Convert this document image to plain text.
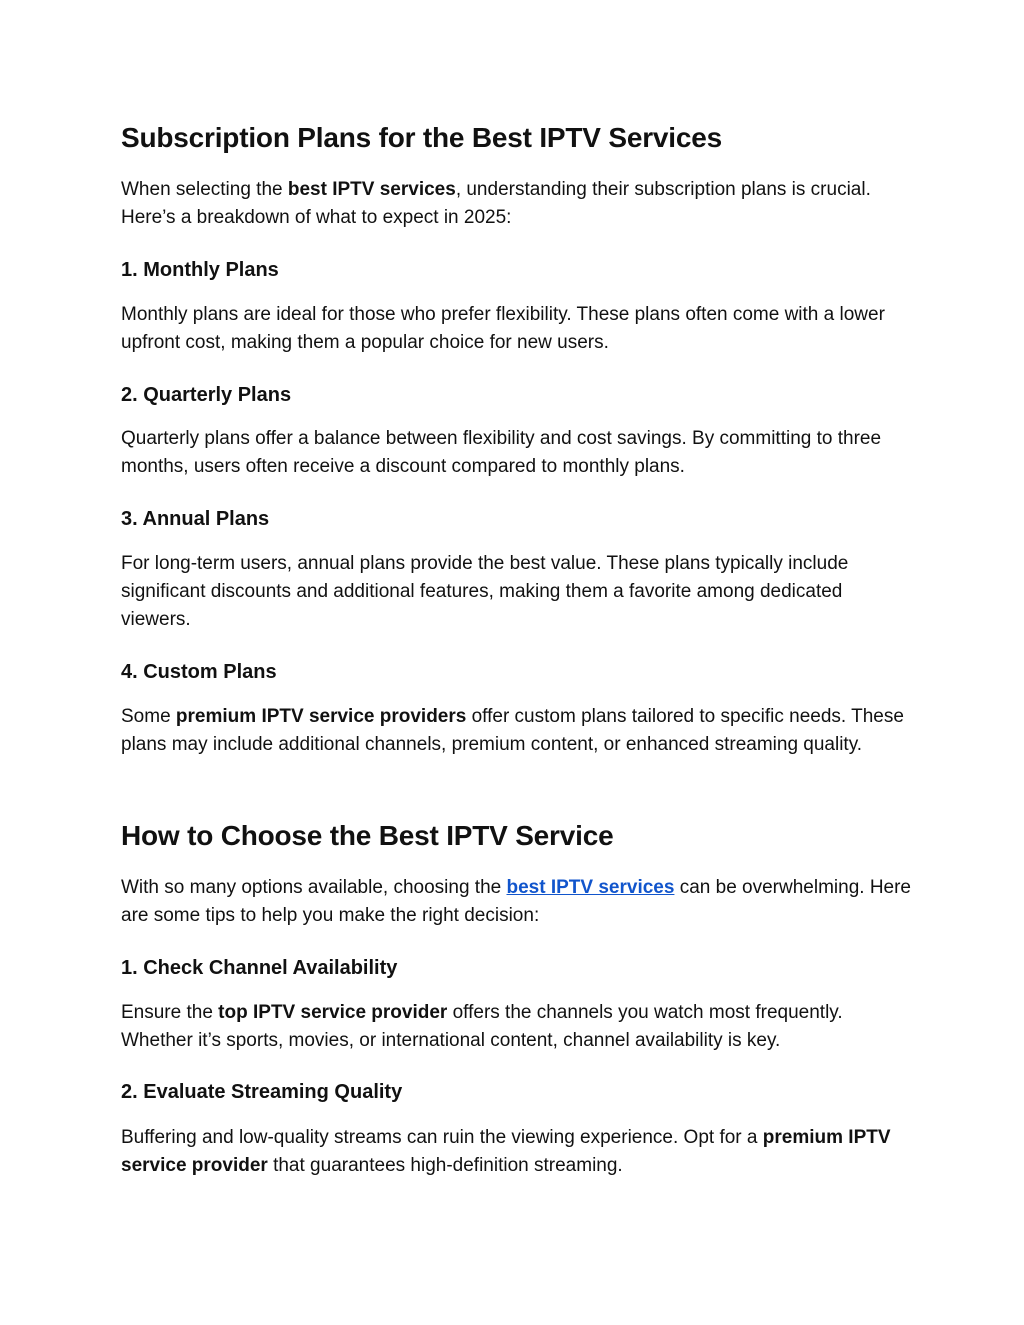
Subscription Plans for the Best IPTV Services

When selecting the best IPTV services, understanding their subscription plans is crucial. Here’s a breakdown of what to expect in 2025:

1. Monthly Plans

Monthly plans are ideal for those who prefer flexibility. These plans often come with a lower upfront cost, making them a popular choice for new users.

2. Quarterly Plans

Quarterly plans offer a balance between flexibility and cost savings. By committing to three months, users often receive a discount compared to monthly plans.

3. Annual Plans

For long-term users, annual plans provide the best value. These plans typically include significant discounts and additional features, making them a favorite among dedicated viewers.

4. Custom Plans

Some premium IPTV service providers offer custom plans tailored to specific needs. These plans may include additional channels, premium content, or enhanced streaming quality.

How to Choose the Best IPTV Service

With so many options available, choosing the best IPTV services can be overwhelming. Here are some tips to help you make the right decision:

1. Check Channel Availability

Ensure the top IPTV service provider offers the channels you watch most frequently. Whether it’s sports, movies, or international content, channel availability is key.

2. Evaluate Streaming Quality

Buffering and low-quality streams can ruin the viewing experience. Opt for a premium IPTV service provider that guarantees high-definition streaming.
